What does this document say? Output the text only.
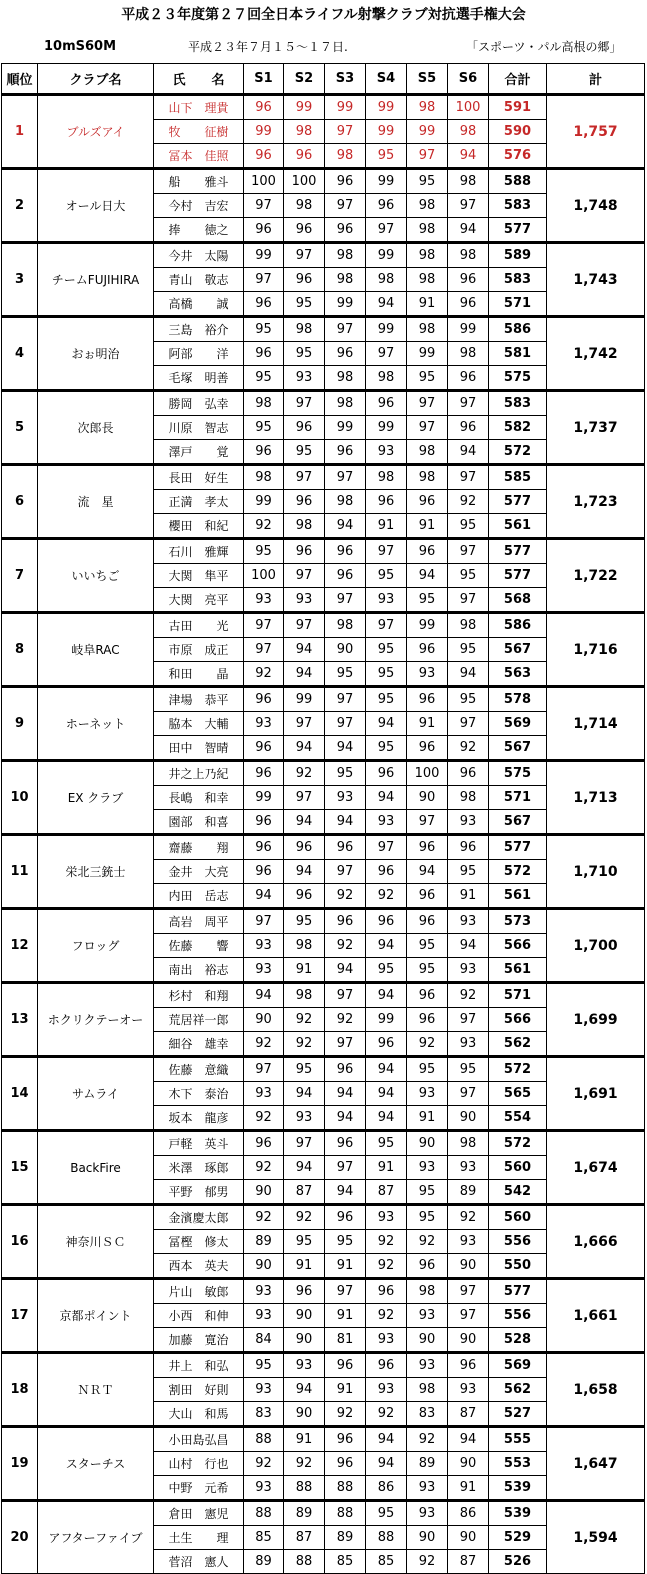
平成２３年度第２７回全日本ライフル射撃クラブ対抗選手権大会
10mS60M	平成２３年７月１５～１７日.	「スポーツ・パル高根の郷」
順位	クラブ名	氏　　名	S1	S2	S3	S4	S5	S6	合計	計
1	ブルズアイ	山下　理貴	96	99	99	99	98	100	591	1,757
		牧　　征樹	99	98	97	99	99	98	590	
		冨本　佳照	96	96	98	95	97	94	576	
2	オール日大	船　　雅斗	100	100	96	99	95	98	588	1,748
		今村　吉宏	97	98	97	96	98	97	583	
		捧　　徳之	96	96	96	97	98	94	577	
3	チームFUJIHIRA	今井　太陽	99	97	98	99	98	98	589	1,743
		青山　敬志	97	96	98	98	98	96	583	
		高橋　　誠	96	95	99	94	91	96	571	
4	おぉ明治	三島　裕介	95	98	97	99	98	99	586	1,742
		阿部　　洋	96	95	96	97	99	98	581	
		毛塚　明善	95	93	98	98	95	96	575	
5	次郎長	勝岡　弘幸	98	97	98	96	97	97	583	1,737
		川原　智志	95	96	99	99	97	96	582	
		澤戸　　覚	96	95	96	93	98	94	572	
6	流　星	長田　好生	98	97	97	98	98	97	585	1,723
		正満　孝太	99	96	98	96	96	92	577	
		櫻田　和紀	92	98	94	91	91	95	561	
7	いいちご	石川　雅輝	95	96	96	97	96	97	577	1,722
		大関　隼平	100	97	96	95	94	95	577	
		大関　亮平	93	93	97	93	95	97	568	
8	岐阜RAC	古田　　光	97	97	98	97	99	98	586	1,716
		市原　成正	97	94	90	95	96	95	567	
		和田　　晶	92	94	95	95	93	94	563	
9	ホーネット	津場　恭平	96	99	97	95	96	95	578	1,714
		脇本　大輔	93	97	97	94	91	97	569	
		田中　智晴	96	94	94	95	96	92	567	
10	EX クラブ	井之上乃紀	96	92	95	96	100	96	575	1,713
		長嶋　和幸	99	97	93	94	90	98	571	
		園部　和喜	96	94	94	93	97	93	567	
11	栄北三銃士	齋藤　　翔	96	96	96	97	96	96	577	1,710
		金井　大亮	96	94	97	96	94	95	572	
		内田　岳志	94	96	92	92	96	91	561	
12	フロッグ	高岩　周平	97	95	96	96	96	93	573	1,700
		佐藤　　響	93	98	92	94	95	94	566	
		南出　裕志	93	91	94	95	95	93	561	
13	ホクリクテーオー	杉村　和翔	94	98	97	94	96	92	571	1,699
		荒居祥一郎	90	92	92	99	96	97	566	
		細谷　雄幸	92	92	97	96	92	93	562	
14	サムライ	佐藤　意織	97	95	96	94	95	95	572	1,691
		木下　泰治	93	94	94	94	93	97	565	
		坂本　龍彦	92	93	94	94	91	90	554	
15	BackFire	戸軽　英斗	96	97	96	95	90	98	572	1,674
		米澤　琢郎	92	94	97	91	93	93	560	
		平野　郁男	90	87	94	87	95	89	542	
16	神奈川ＳＣ	金濱慶太郎	92	92	96	93	95	92	560	1,666
		冨樫　修太	89	95	95	92	92	93	556	
		西本　英夫	90	91	91	92	96	90	550	
17	京都ポイント	片山　敏郎	93	96	97	96	98	97	577	1,661
		小西　和伸	93	90	91	92	93	97	556	
		加藤　寛治	84	90	81	93	90	90	528	
18	ＮＲＴ	井上　和弘	95	93	96	96	93	96	569	1,658
		割田　好則	93	94	91	93	98	93	562	
		大山　和馬	83	90	92	92	83	87	527	
19	スターチス	小田島弘昌	88	91	96	94	92	94	555	1,647
		山村　行也	92	92	96	94	89	90	553	
		中野　元希	93	88	88	86	93	91	539	
20	アフターファイブ	倉田　憲児	88	89	88	95	93	86	539	1,594
		土生　　理	85	87	89	88	90	90	529	
		菅沼　憲人	89	88	85	85	92	87	526	
